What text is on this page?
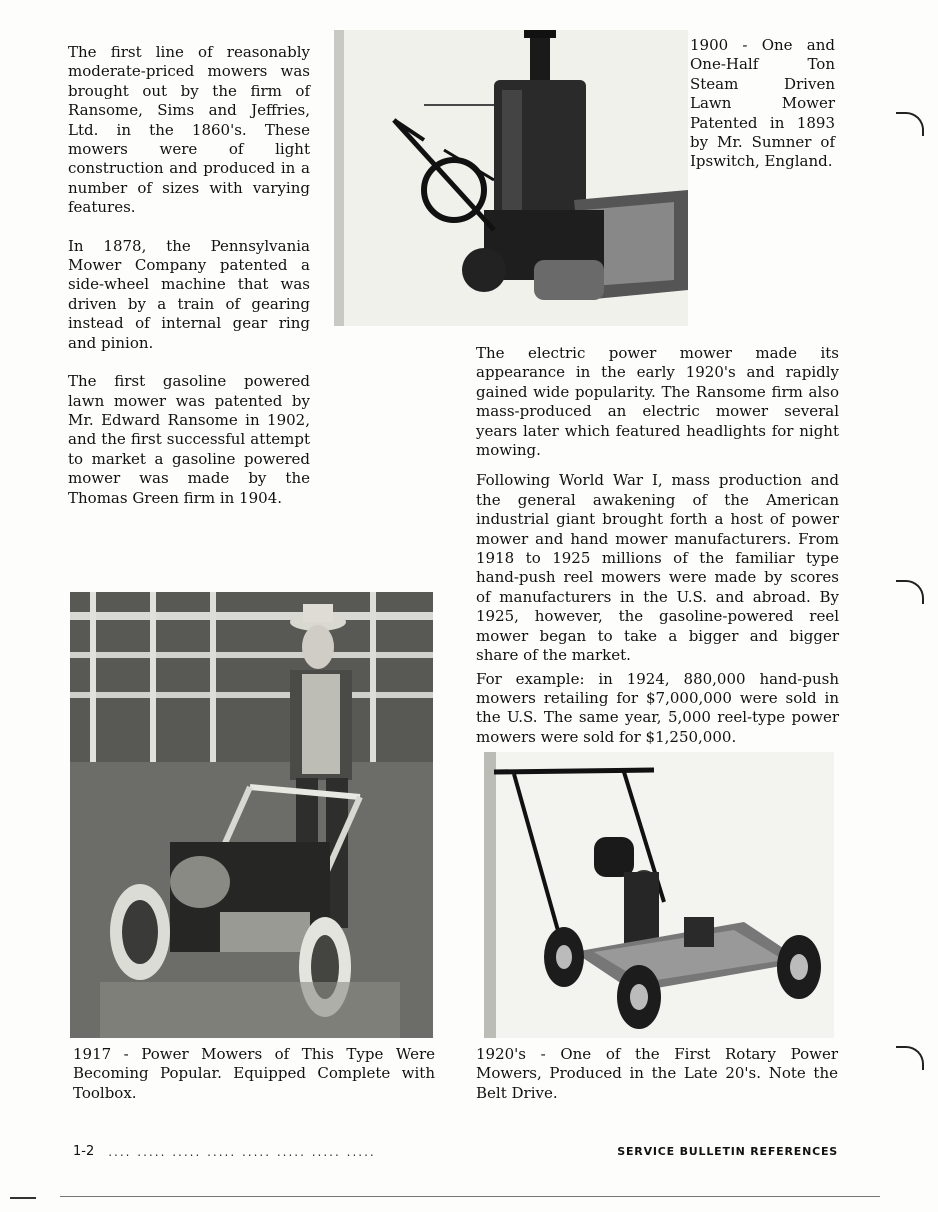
The first line of reasonably moderate-priced mowers was brought out by the firm of Ransome, Sims and Jeffries, Ltd. in the 1860's. These mowers were of light construction and produced in a number of sizes with varying features.

In 1878, the Pennsylvania Mower Company patented a side-wheel machine that was driven by a train of gearing instead of internal gear ring and pinion.

The first gasoline powered lawn mower was patented by Mr. Edward Ransome in 1902, and the first successful attempt to market a gasoline powered mower was made by the Thomas Green firm in 1904.

1900 - One and One-Half Ton Steam Driven Lawn Mower Patented in 1893 by Mr. Sumner of Ipswitch, England.

The electric power mower made its appearance in the early 1920's and rapidly gained wide popularity. The Ransome firm also mass-produced an electric mower several years later which featured headlights for night mowing.

Following World War I, mass production and the general awakening of the American industrial giant brought forth a host of power mower and hand mower manufacturers. From 1918 to 1925 millions of the familiar type hand-push reel mowers were made by scores of manufacturers in the U.S. and abroad. By 1925, however, the gasoline-powered reel mower began to take a bigger and bigger share of the market.

For example: in 1924, 880,000 hand-push mowers retailing for $7,000,000 were sold in the U.S. The same year, 5,000 reel-type power mowers were sold for $1,250,000.

1917 - Power Mowers of This Type Were Becoming Popular. Equipped Complete with Toolbox.
1920's - One of the First Rotary Power Mowers, Produced in the Late 20's. Note the Belt Drive.
1-2 .... ..... ..... ..... ..... ..... ..... .....	SERVICE BULLETIN REFERENCES
